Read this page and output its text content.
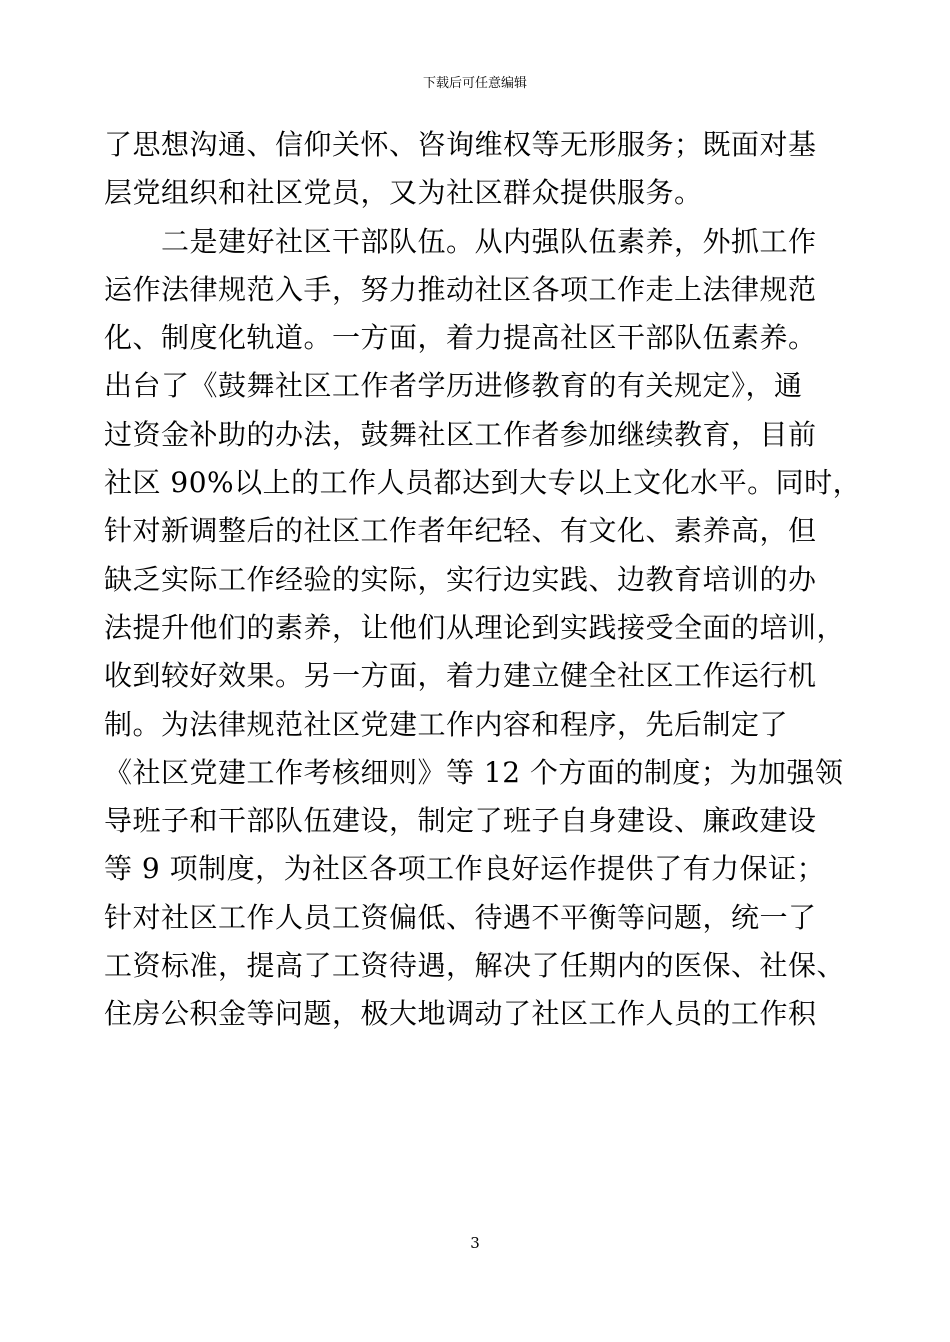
下载后可任意编辑
了思想沟通、信仰关怀、咨询维权等无形服务；既面对基
层党组织和社区党员，又为社区群众提供服务。
　　二是建好社区干部队伍。从内强队伍素养，外抓工作
运作法律规范入手，努力推动社区各项工作走上法律规范
化、制度化轨道。一方面，着力提高社区干部队伍素养。
出台了《鼓舞社区工作者学历进修教育的有关规定》，通
过资金补助的办法，鼓舞社区工作者参加继续教育，目前
社区 90%以上的工作人员都达到大专以上文化水平。同时，
针对新调整后的社区工作者年纪轻、有文化、素养高，但
缺乏实际工作经验的实际，实行边实践、边教育培训的办
法提升他们的素养，让他们从理论到实践接受全面的培训，
收到较好效果。另一方面，着力建立健全社区工作运行机
制。为法律规范社区党建工作内容和程序，先后制定了
《社区党建工作考核细则》等 12 个方面的制度；为加强领
导班子和干部队伍建设，制定了班子自身建设、廉政建设
等 9 项制度，为社区各项工作良好运作提供了有力保证；
针对社区工作人员工资偏低、待遇不平衡等问题，统一了
工资标准，提高了工资待遇，解决了任期内的医保、社保、
住房公积金等问题，极大地调动了社区工作人员的工作积
3
